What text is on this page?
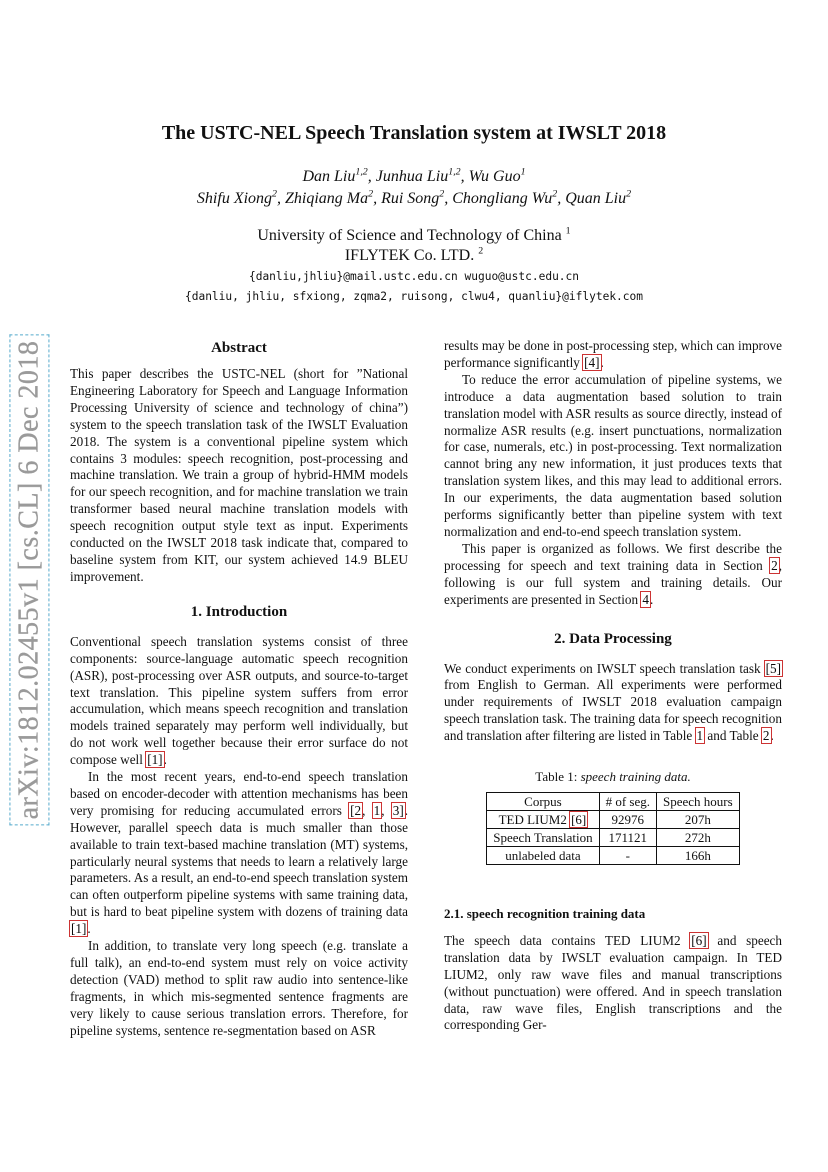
arXiv:1812.02455v1 [cs.CL] 6 Dec 2018
The USTC-NEL Speech Translation system at IWSLT 2018
Dan Liu$^{1,2}$, Junhua Liu$^{1,2}$, Wu Guo$^1$
Shifu Xiong$^2$, Zhiqiang Ma$^2$, Rui Song$^2$, Chongliang Wu$^2$, Quan Liu$^2$
University of Science and Technology of China $^1$
IFLYTEK Co. LTD. $^2$
{danliu,jhliu}@mail.ustc.edu.cn wuguo@ustc.edu.cn
{danliu, jhliu, sfxiong, zqma2, ruisong, clwu4, quanliu}@iflytek.com
Abstract

This paper describes the USTC-NEL (short for ”National Engineering Laboratory for Speech and Language Information Processing University of science and technology of china”) system to the speech translation task of the IWSLT Evaluation 2018. The system is a conventional pipeline system which contains 3 modules: speech recognition, post-processing and machine translation. We train a group of hybrid-HMM models for our speech recognition, and for machine translation we train transformer based neural machine translation models with speech recognition output style text as input. Experiments conducted on the IWSLT 2018 task indicate that, compared to baseline system from KIT, our system achieved 14.9 BLEU improvement.

1. Introduction

Conventional speech translation systems consist of three components: source-language automatic speech recognition (ASR), post-processing over ASR outputs, and source-to-target text translation. This pipeline system suffers from error accumulation, which means speech recognition and translation models trained separately may perform well individually, but do not work well together because their error surface do not compose well [1].

In the most recent years, end-to-end speech translation based on encoder-decoder with attention mechanisms has been very promising for reducing accumulated errors [2, 1, 3]. However, parallel speech data is much smaller than those available to train text-based machine translation (MT) systems, particularly neural systems that needs to learn a relatively large parameters. As a result, an end-to-end speech translation system can often outperform pipeline systems with same training data, but is hard to beat pipeline system with dozens of training data [1].

In addition, to translate very long speech (e.g. translate a full talk), an end-to-end system must rely on voice activity detection (VAD) method to split raw audio into sentence-like fragments, in which mis-segmented sentence fragments are very likely to cause serious translation errors. Therefore, for pipeline systems, sentence re-segmentation based on ASR

results may be done in post-processing step, which can improve performance significantly [4].

To reduce the error accumulation of pipeline systems, we introduce a data augmentation based solution to train translation model with ASR results as source directly, instead of normalize ASR results (e.g. insert punctuations, normalization for case, numerals, etc.) in post-processing. Text normalization cannot bring any new information, it just produces texts that translation system likes, and this may lead to additional errors. In our experiments, the data augmentation based solution performs significantly better than pipeline system with text normalization and end-to-end speech translation system.

This paper is organized as follows. We first describe the processing for speech and text training data in Section 2, following is our full system and training details. Our experiments are presented in Section 4.

2. Data Processing

We conduct experiments on IWSLT speech translation task [5] from English to German. All experiments were performed under requirements of IWSLT 2018 evaluation campaign speech translation task. The training data for speech recognition and translation after filtering are listed in Table 1 and Table 2.

Table 1: speech training data.
Corpus	# of seg.	Speech hours
TED LIUM2 [6]	92976	207h
Speech Translation	171121	272h
unlabeled data	-	166h
2.1. speech recognition training data

The speech data contains TED LIUM2 [6] and speech translation data by IWSLT evaluation campaign. In TED LIUM2, only raw wave files and manual transcriptions (without punctuation) were offered. And in speech translation data, raw wave files, English transcriptions and the corresponding Ger-
